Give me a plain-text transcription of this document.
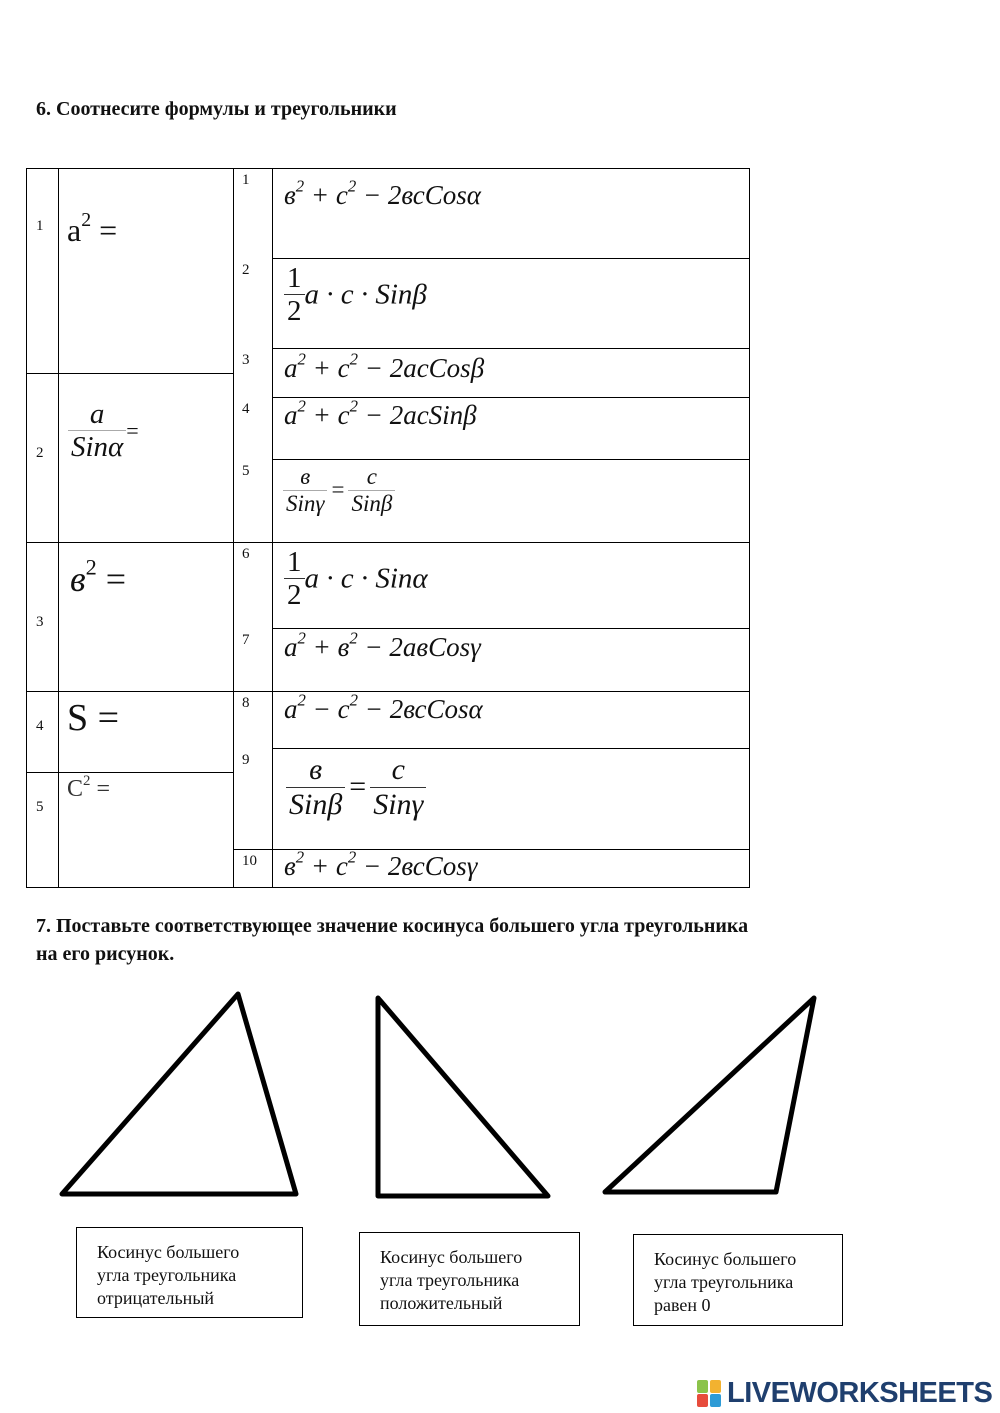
6. Соотнесите формулы и треугольники
1
2
3
4
5
$a^2$ =
$\frac{a}{\text{Sinα}}$ =
$в^2$ =
S =
$C^2$ =
1
2
3
4
5
6
7
8
9
10
$в^2 + c^2$ − 2всCosα
$\frac{1}{2}$ a · c · Sinβ
$a^2 + c^2$ − 2acCosβ
$a^2 + c^2$ − 2acSinβ
$\frac{в}{\text{Sinγ}} = \frac{c}{\text{Sinβ}}$
$\frac{1}{2}$ a · c · Sinα
$a^2 + в^2$ − 2aвCosγ
$a^2 - c^2$ − 2всCosα
$\frac{в}{\text{Sinβ}} = \frac{c}{\text{Sinγ}}$
$в^2 + c^2$ − 2всCosγ
7. Поставьте соответствующее значение косинуса большего угла треугольника
на его рисунок.
Косинус большего
угла треугольника
отрицательный
Косинус большего
угла треугольника
положительный
Косинус большего
угла треугольника
равен 0
LIVEWORKSHEETS
